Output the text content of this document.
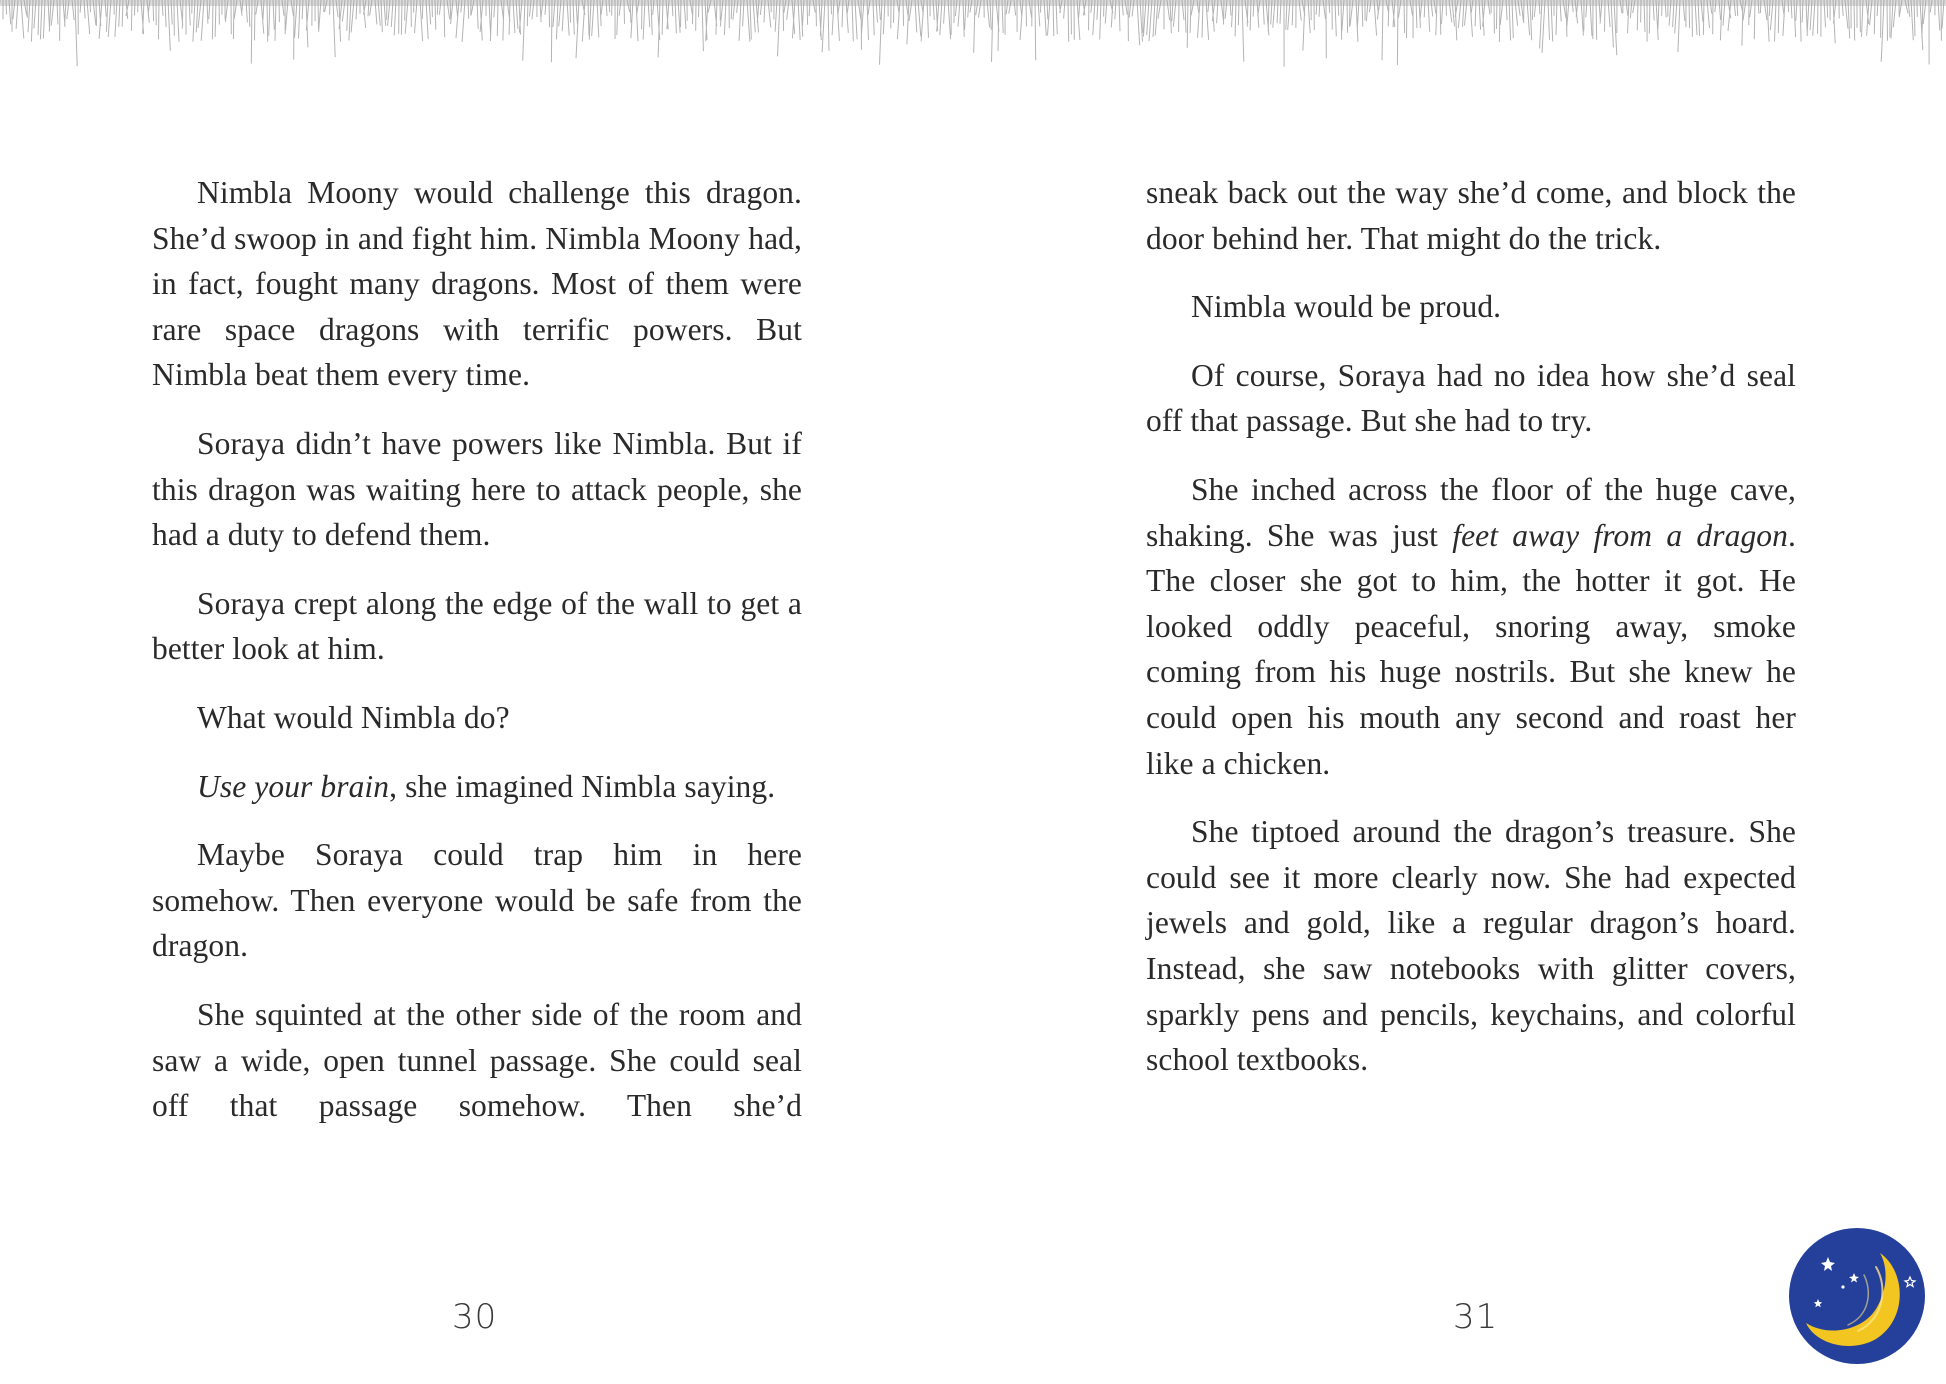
Nimbla Moony would challenge this dragon. She’d swoop in and fight him. Nimbla Moony had, in fact, fought many dragons. Most of them were rare space dragons with terrific powers. But Nimbla beat them every time.

Soraya didn’t have powers like Nimbla. But if this dragon was waiting here to attack people, she had a duty to defend them.

Soraya crept along the edge of the wall to get a better look at him.

What would Nimbla do?

Use your brain, she imagined Nimbla saying.

Maybe Soraya could trap him in here somehow. Then everyone would be safe from the dragon.

She squinted at the other side of the room and saw a wide, open tunnel passage. She could seal off that passage somehow. Then she’d

sneak back out the way she’d come, and block the door behind her. That might do the trick.

Nimbla would be proud.

Of course, Soraya had no idea how she’d seal off that passage. But she had to try.

She inched across the floor of the huge cave, shaking. She was just feet away from a dragon. The closer she got to him, the hotter it got. He looked oddly peaceful, snoring away, smoke coming from his huge nostrils. But she knew he could open his mouth any second and roast her like a chicken.

She tiptoed around the dragon’s treasure. She could see it more clearly now. She had expected jewels and gold, like a regular dragon’s hoard. Instead, she saw notebooks with glitter covers, sparkly pens and pencils, keychains, and colorful school textbooks.

30	31
